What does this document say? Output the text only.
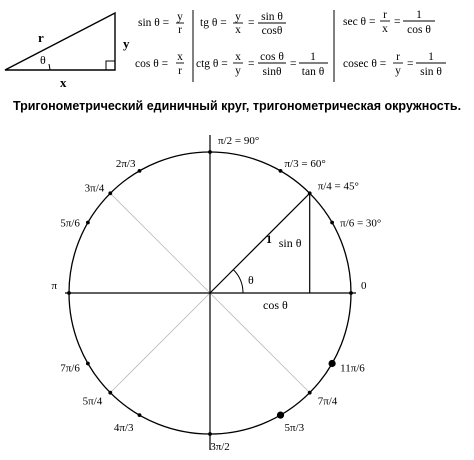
r	y
x
θ
sin θ = y
r
cos θ =
x
r
tg θ = y
x
= sin θ
cosθ
ctg θ =
x
y
=
cos θ
sinθ
=
1
tan θ
sec θ =
r
x
=
1
cos θ
cosec θ =
r
y
=
1
sin θ
Тригонометрический единичный круг, тригонометрическая окружность.
1
θ
sin θ
cos θ
π/2 = 90°
π/3 = 60°
π/4 = 45°
π/6 = 30°
0
2π/3
3π/4
5π/6
π
7π/6
5π/4
4π/3
3π/2
5π/3
7π/4
11π/6
